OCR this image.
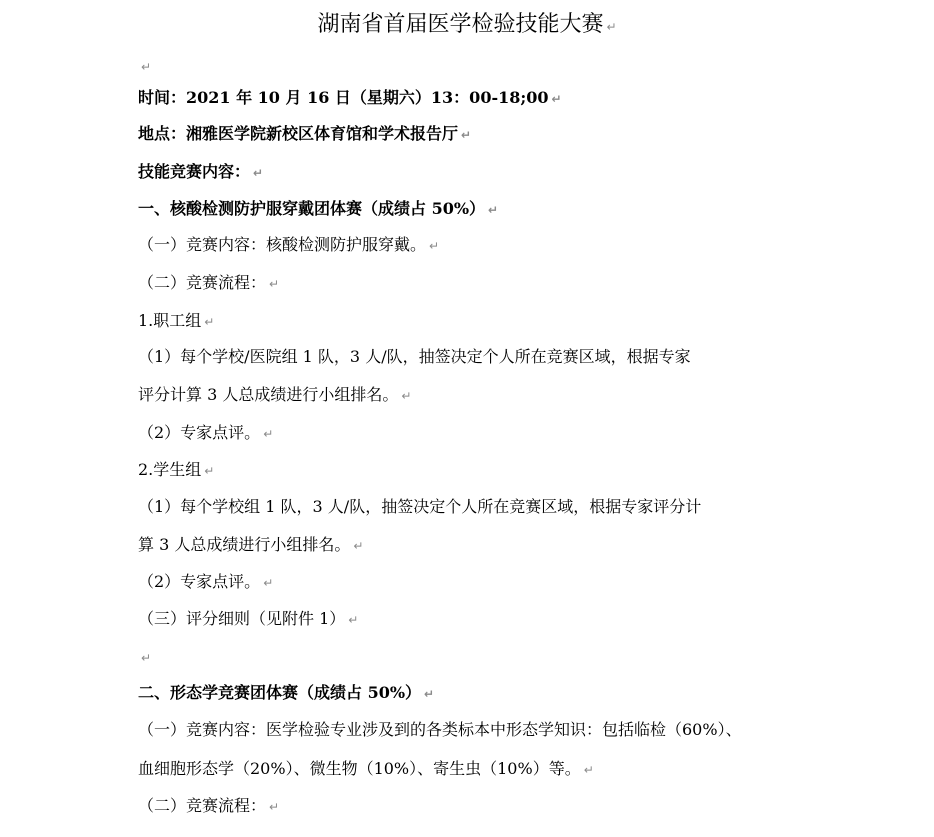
湖南省首届医学检验技能大赛 ↵
↵
时间：2021 年 10 月 16 日（星期六）13：00-18;00 ↵
地点：湘雅医学院新校区体育馆和学术报告厅 ↵
技能竞赛内容： ↵
一、核酸检测防护服穿戴团体赛（成绩占 50%） ↵
（一）竞赛内容：核酸检测防护服穿戴。 ↵
（二）竞赛流程： ↵
1.职工组 ↵
（1）每个学校/医院组 1 队，3 人/队，抽签决定个人所在竞赛区域，根据专家
评分计算 3 人总成绩进行小组排名。 ↵
（2）专家点评。 ↵
2.学生组 ↵
（1）每个学校组 1 队，3 人/队，抽签决定个人所在竞赛区域，根据专家评分计
算 3 人总成绩进行小组排名。 ↵
（2）专家点评。 ↵
（三）评分细则（见附件 1） ↵
↵
二、形态学竞赛团体赛（成绩占 50%） ↵
（一）竞赛内容：医学检验专业涉及到的各类标本中形态学知识：包括临检（60%）、
血细胞形态学（20%）、微生物（10%）、寄生虫（10%）等。 ↵
（二）竞赛流程： ↵
